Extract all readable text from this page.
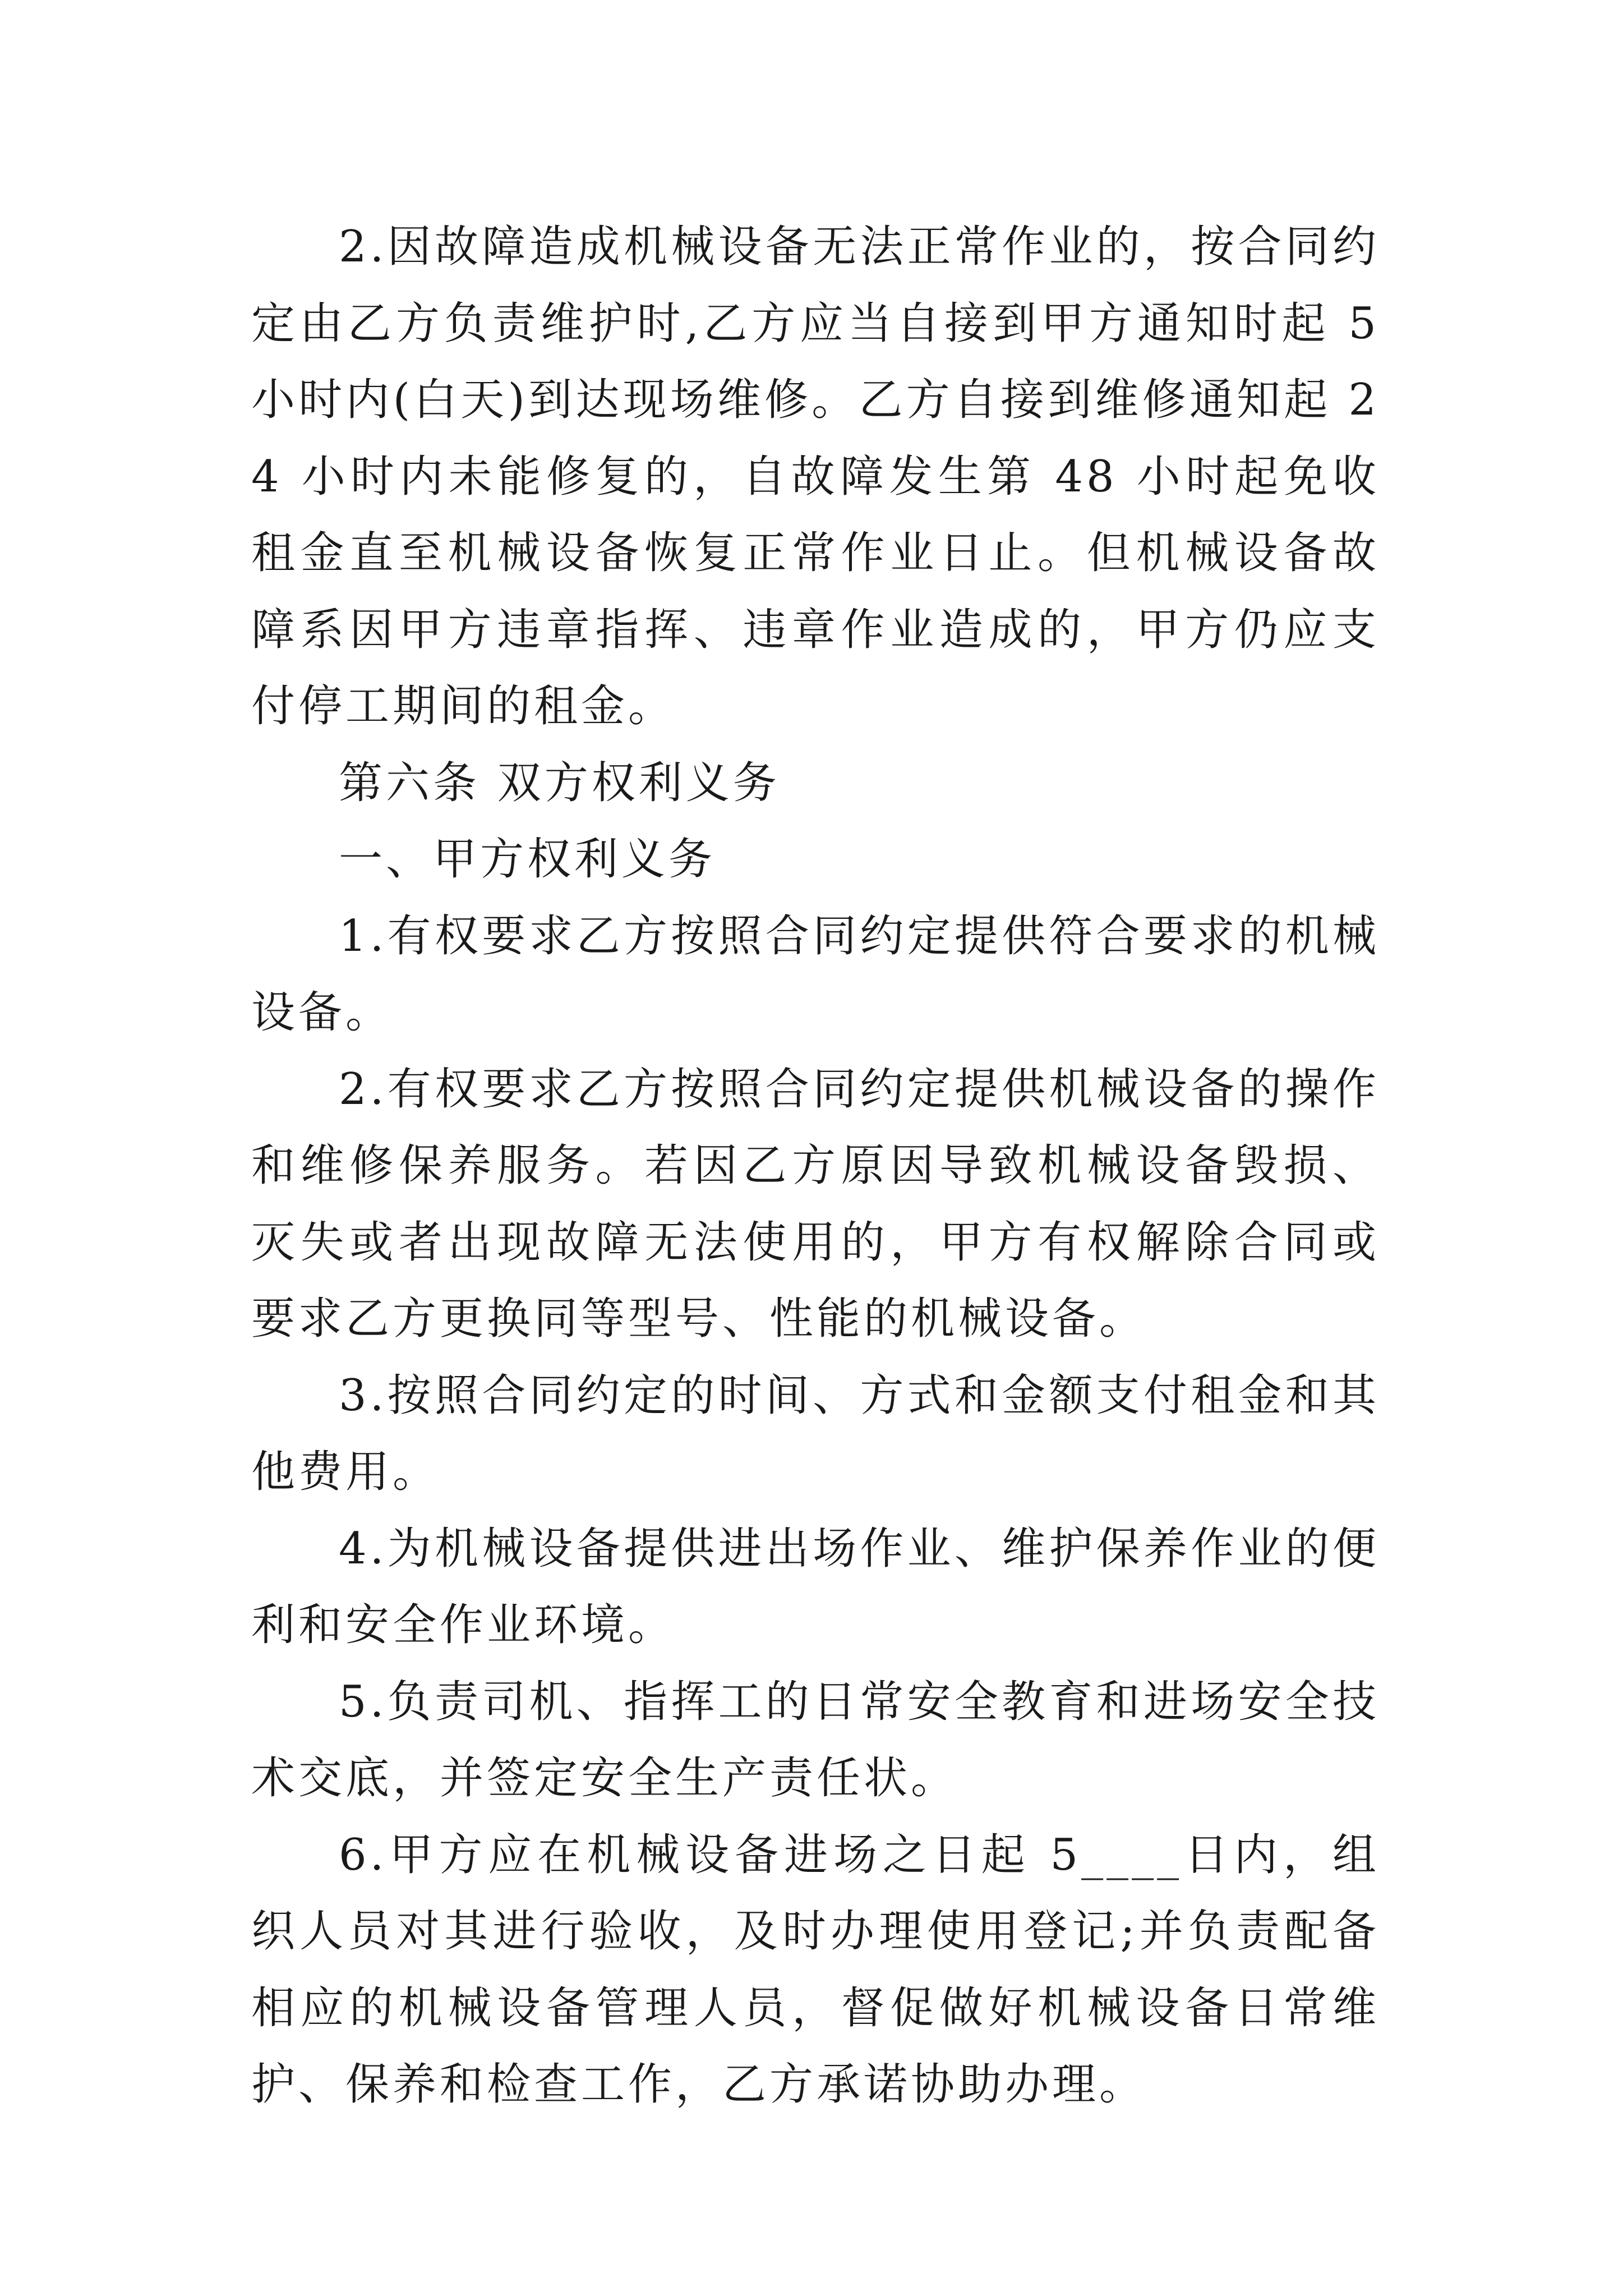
2.因故障造成机械设备无法正常作业的，按合同约定由乙方负责维护时,乙方应当自接到甲方通知时起 5 小时内(白天)到达现场维修。乙方自接到维修通知起 24 小时内未能修复的，自故障发生第 48 小时起免收租金直至机械设备恢复正常作业日止。但机械设备故障系因甲方违章指挥、违章作业造成的，甲方仍应支付停工期间的租金。

第六条 双方权利义务

一、甲方权利义务

1.有权要求乙方按照合同约定提供符合要求的机械设备。

2.有权要求乙方按照合同约定提供机械设备的操作和维修保养服务。若因乙方原因导致机械设备毁损、灭失或者出现故障无法使用的，甲方有权解除合同或要求乙方更换同等型号、性能的机械设备。

3.按照合同约定的时间、方式和金额支付租金和其他费用。

4.为机械设备提供进出场作业、维护保养作业的便利和安全作业环境。

5.负责司机、指挥工的日常安全教育和进场安全技术交底，并签定安全生产责任状。

6.甲方应在机械设备进场之日起 5____日内，组织人员对其进行验收，及时办理使用登记;并负责配备相应的机械设备管理人员，督促做好机械设备日常维护、保养和检查工作，乙方承诺协助办理。
